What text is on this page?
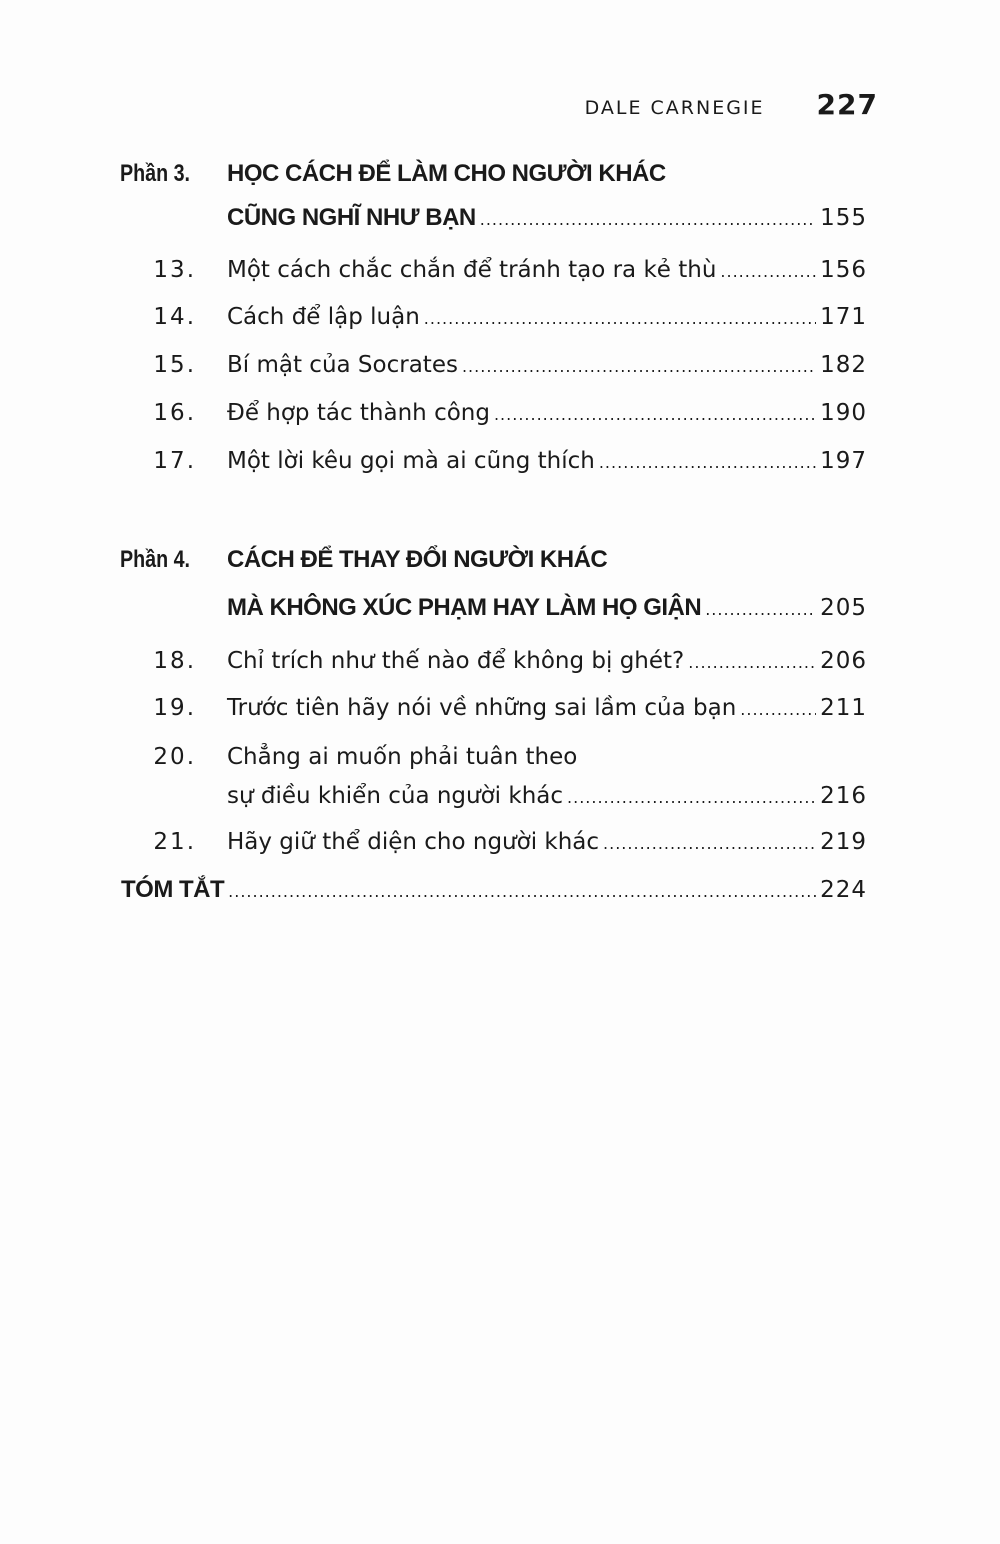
DALE CARNEGIE 227
Phần 3. HỌC CÁCH ĐỂ LÀM CHO NGƯỜI KHÁC
CŨNG NGHĨ NHƯ BẠN .....	155
13. Một cách chắc chắn để tránh tạo ra kẻ thù .....	156
14. Cách để lập luận .....	171
15. Bí mật của Socrates .....	182
16. Để hợp tác thành công .....	190
17. Một lời kêu gọi mà ai cũng thích .....	197
Phần 4. CÁCH ĐỂ THAY ĐỔI NGƯỜI KHÁC
MÀ KHÔNG XÚC PHẠM HAY LÀM HỌ GIẬN .....	205
18. Chỉ trích như thế nào để không bị ghét? .....	206
19. Trước tiên hãy nói về những sai lầm của bạn .....	211
20. Chẳng ai muốn phải tuân theo
sự điều khiển của người khác .....	216
21. Hãy giữ thể diện cho người khác .....	219
TÓM TẮT .....	224
